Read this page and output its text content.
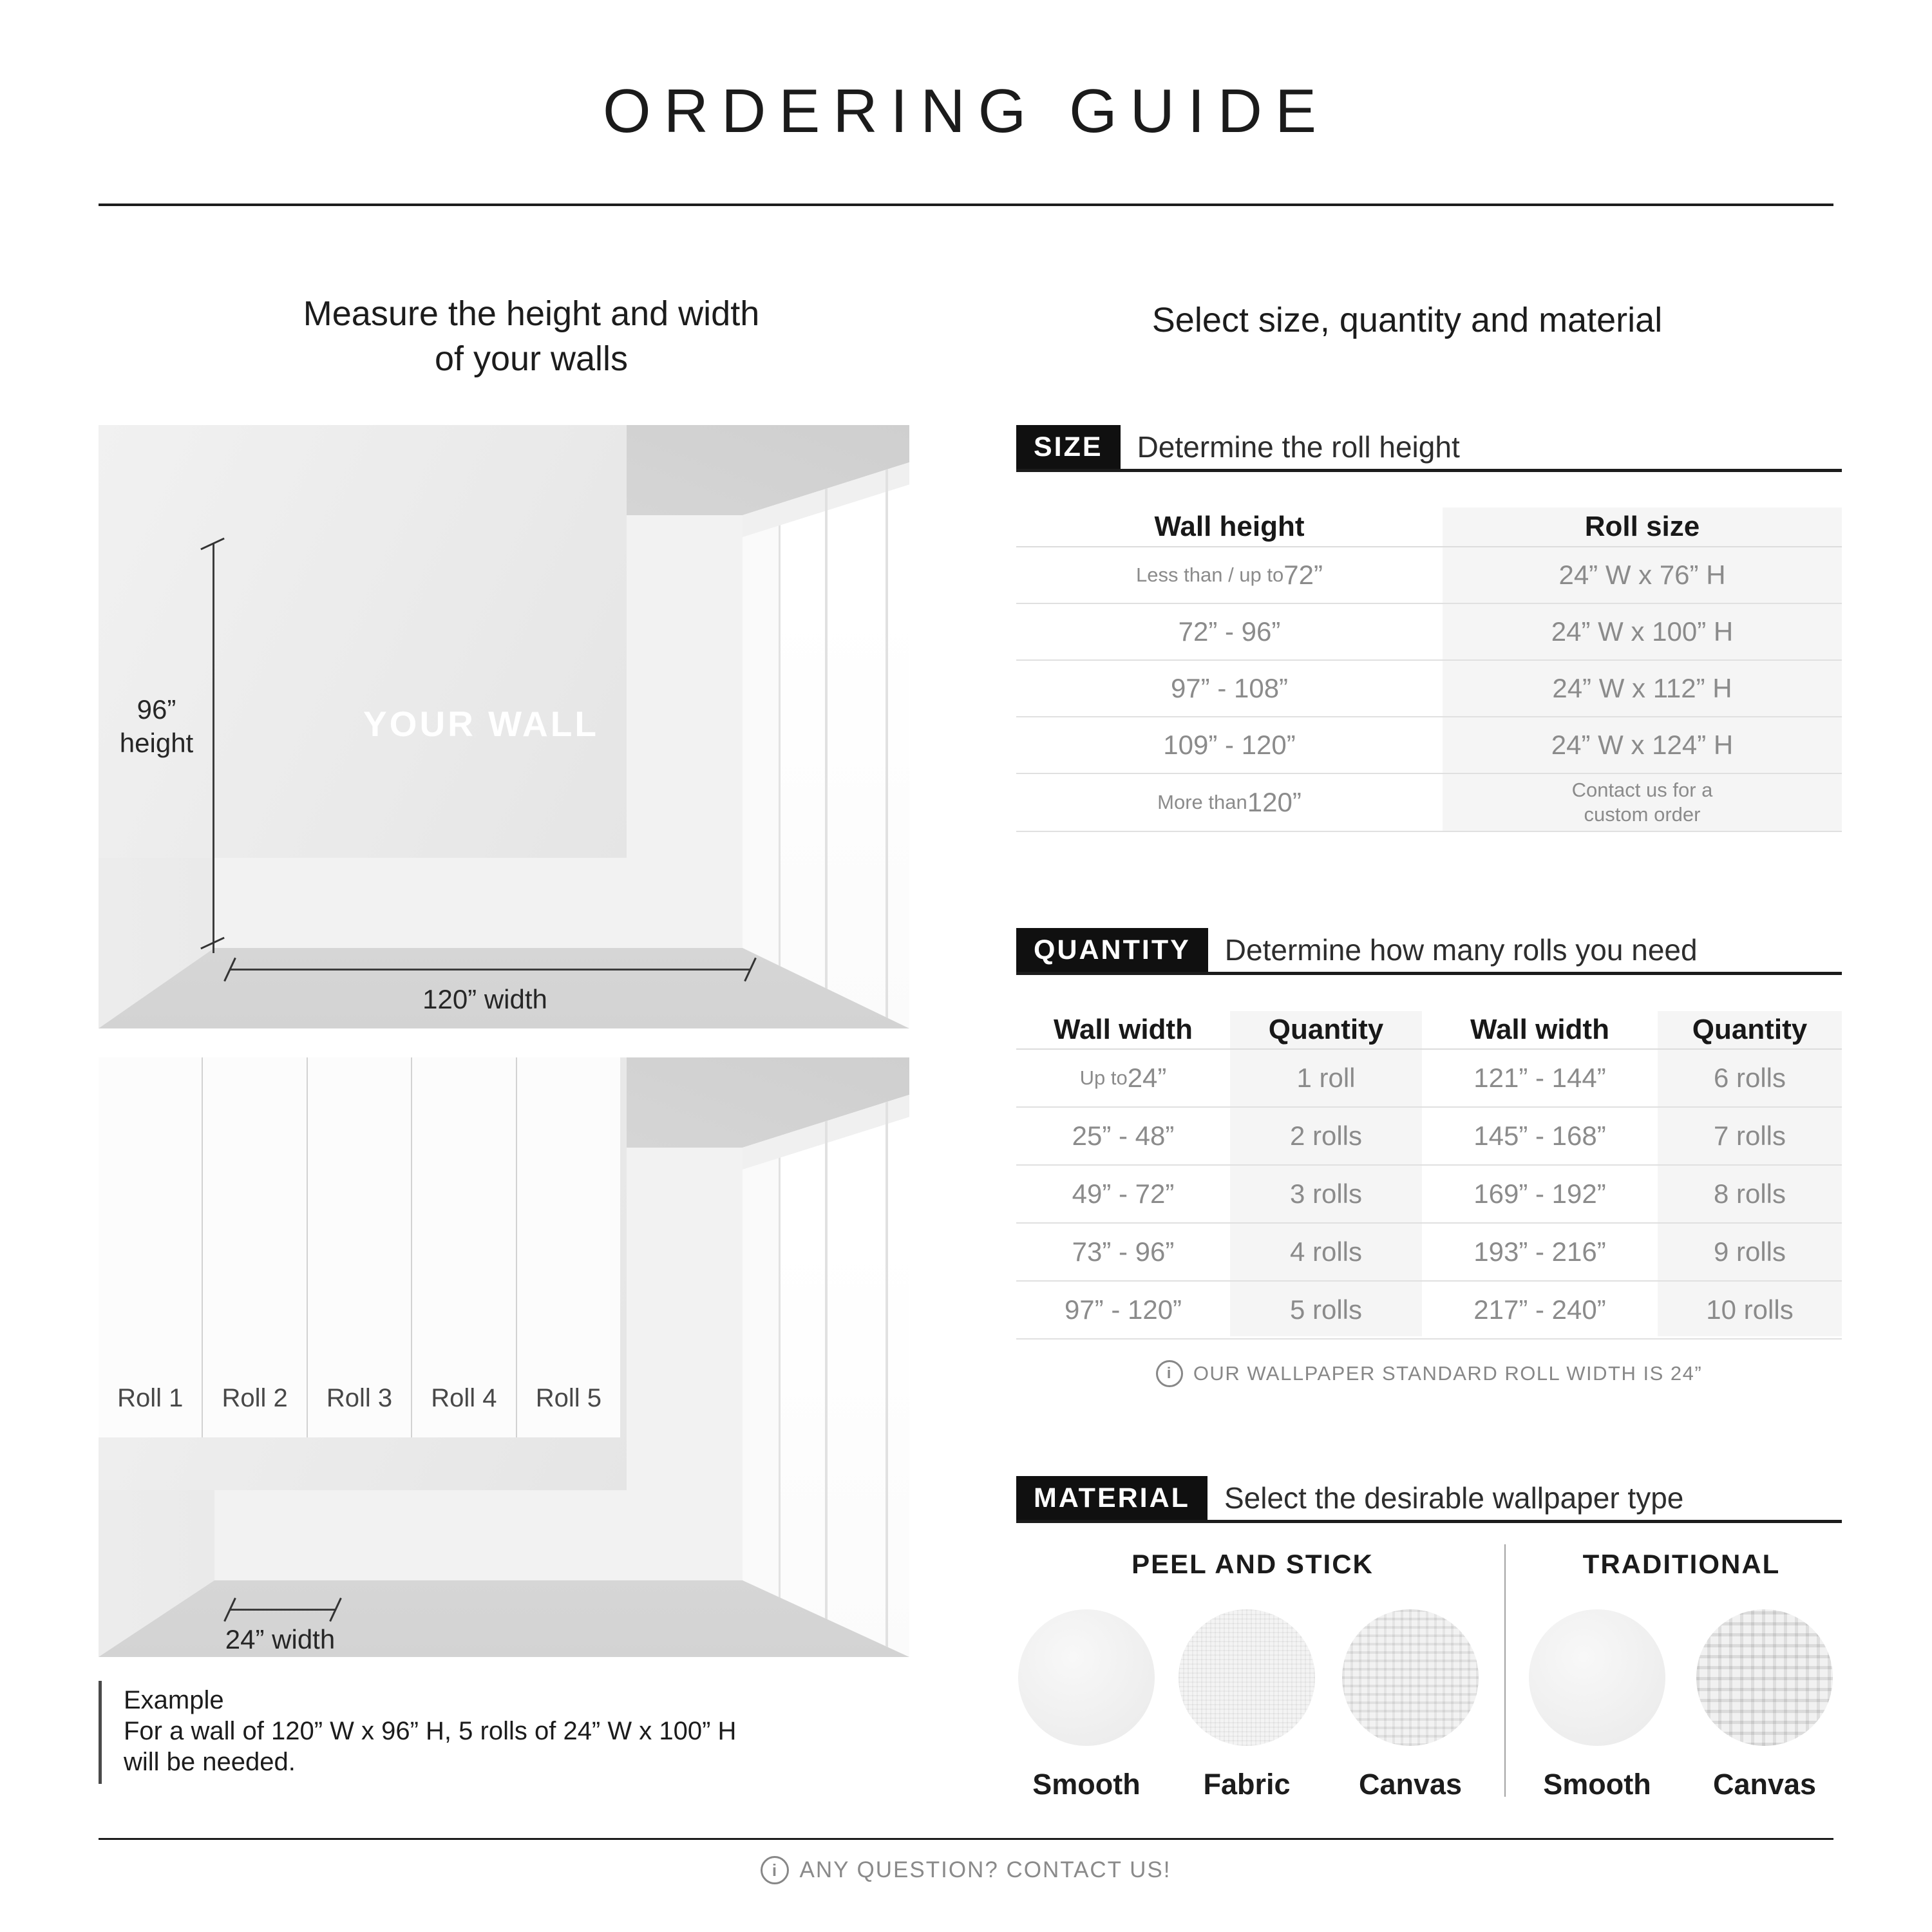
ORDERING GUIDE
Measure the height and width
of your walls
Select size, quantity and material
96”
height	YOUR WALL
120” width
Roll 1	Roll 2	Roll 3	Roll 4	Roll 5
24” width
SIZE	Determine the roll height
Wall height	Roll size
Less than / up to 72”	24” W x 76” H
72” - 96”	24” W x 100” H
97” - 108”	24” W x 112” H
109” - 120”	24” W x 124” H
More than 120”	Contact us for a
custom order
QUANTITY	Determine how many rolls you need
Wall width	Quantity	Wall width	Quantity
Up to 24”	1 roll	121” - 144”	6 rolls
25” - 48”	2 rolls	145” - 168”	7 rolls
49” - 72”	3 rolls	169” - 192”	8 rolls
73” - 96”	4 rolls	193” - 216”	9 rolls
97” - 120”	5 rolls	217” - 240”	10 rolls
i	OUR WALLPAPER STANDARD ROLL WIDTH IS 24”
MATERIAL	Select the desirable wallpaper type
PEEL AND STICK	TRADITIONAL
Smooth	Fabric	Canvas	Smooth	Canvas
Example
For a wall of 120” W x 96” H, 5 rolls of 24” W x 100” H
will be needed.
i ANY QUESTION? CONTACT US!
